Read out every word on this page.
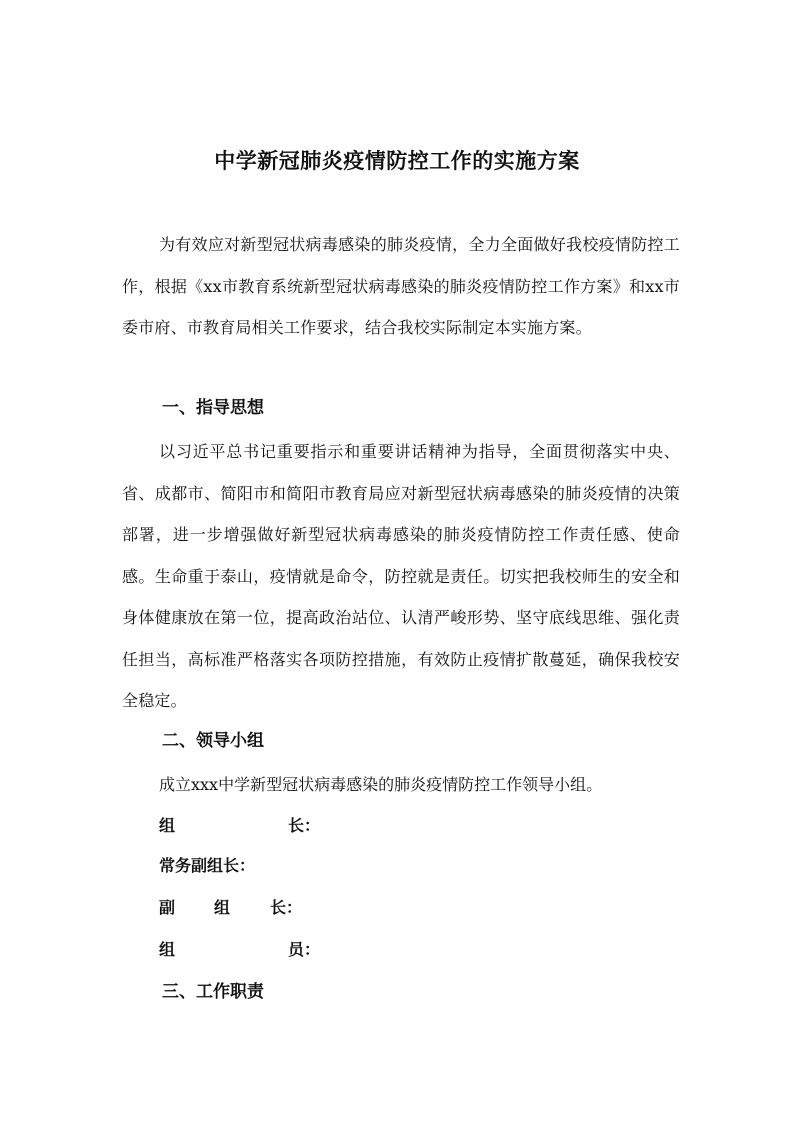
中学新冠肺炎疫情防控工作的实施方案

为有效应对新型冠状病毒感染的肺炎疫情，全力全面做好我校疫情防控工作，根据《xx市教育系统新型冠状病毒感染的肺炎疫情防控工作方案》和xx市委市府、市教育局相关工作要求，结合我校实际制定本实施方案。

一、指导思想

以习近平总书记重要指示和重要讲话精神为指导，全面贯彻落实中央、省、成都市、简阳市和简阳市教育局应对新型冠状病毒感染的肺炎疫情的决策部署，进一步增强做好新型冠状病毒感染的肺炎疫情防控工作责任感、使命感。生命重于泰山，疫情就是命令，防控就是责任。切实把我校师生的安全和身体健康放在第一位，提高政治站位、认清严峻形势、坚守底线思维、强化责任担当，高标准严格落实各项防控措施，有效防止疫情扩散蔓延，确保我校安全稳定。

二、领导小组

成立xxx中学新型冠状病毒感染的肺炎疫情防控工作领导小组。

组	长：
常务副组长：
副 组 长：
组	员：
三、工作职责
